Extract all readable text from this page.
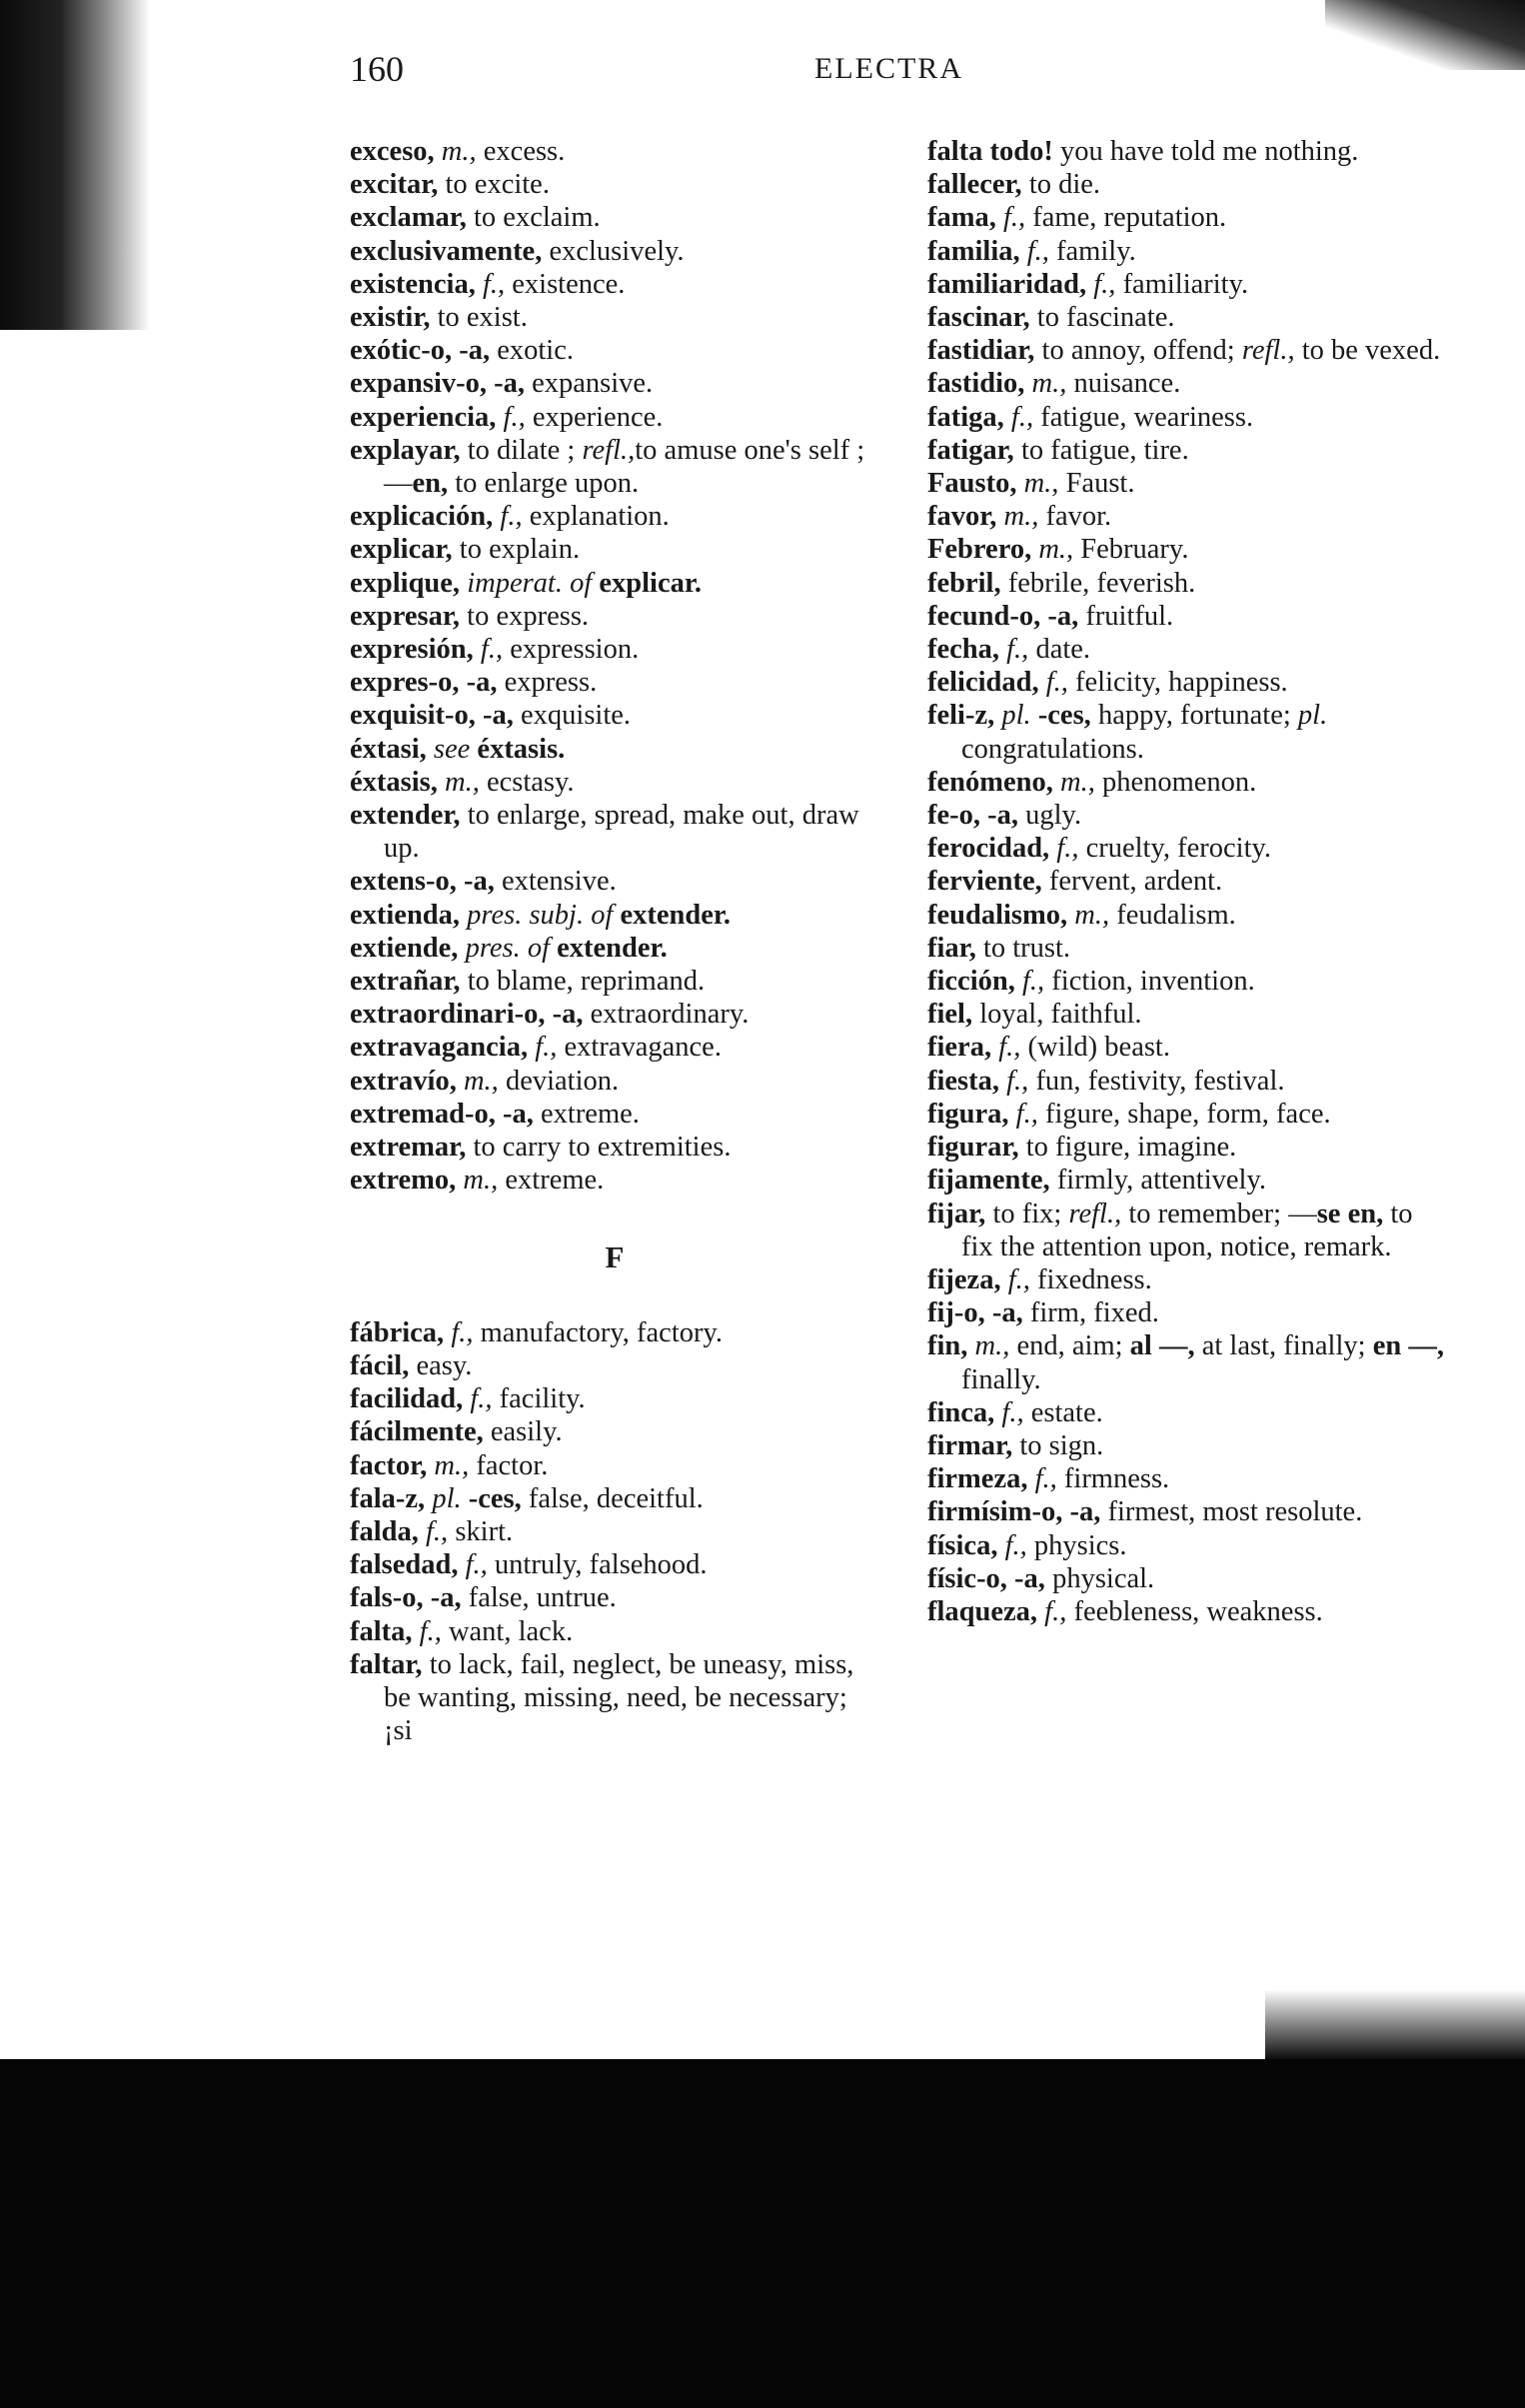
160	ELECTRA

exceso, m., excess.

excitar, to excite.

exclamar, to exclaim.

exclusivamente, exclusively.

existencia, f., existence.

existir, to exist.

exótic-o, -a, exotic.

expansiv-o, -a, expansive.

experiencia, f., experience.

explayar, to dilate ; refl.,to amuse one's self ; —en, to enlarge upon.

explicación, f., explanation.

explicar, to explain.

explique, imperat. of explicar.

expresar, to express.

expresión, f., expression.

expres-o, -a, express.

exquisit-o, -a, exquisite.

éxtasi, see éxtasis.

éxtasis, m., ecstasy.

extender, to enlarge, spread, make out, draw up.

extens-o, -a, extensive.

extienda, pres. subj. of extender.

extiende, pres. of extender.

extrañar, to blame, reprimand.

extraordinari-o, -a, extraordinary.

extravagancia, f., extravagance.

extravío, m., deviation.

extremad-o, -a, extreme.

extremar, to carry to extremities.

extremo, m., extreme.

F

fábrica, f., manufactory, factory.

fácil, easy.

facilidad, f., facility.

fácilmente, easily.

factor, m., factor.

fala-z, pl. -ces, false, deceitful.

falda, f., skirt.

falsedad, f., untruly, falsehood.

fals-o, -a, false, untrue.

falta, f., want, lack.

faltar, to lack, fail, neglect, be uneasy, miss, be wanting, missing, need, be necessary; ¡si

falta todo! you have told me nothing.

fallecer, to die.

fama, f., fame, reputation.

familia, f., family.

familiaridad, f., familiarity.

fascinar, to fascinate.

fastidiar, to annoy, offend; refl., to be vexed.

fastidio, m., nuisance.

fatiga, f., fatigue, weariness.

fatigar, to fatigue, tire.

Fausto, m., Faust.

favor, m., favor.

Febrero, m., February.

febril, febrile, feverish.

fecund-o, -a, fruitful.

fecha, f., date.

felicidad, f., felicity, happiness.

feli-z, pl. -ces, happy, fortunate; pl. congratulations.

fenómeno, m., phenomenon.

fe-o, -a, ugly.

ferocidad, f., cruelty, ferocity.

ferviente, fervent, ardent.

feudalismo, m., feudalism.

fiar, to trust.

ficción, f., fiction, invention.

fiel, loyal, faithful.

fiera, f., (wild) beast.

fiesta, f., fun, festivity, festival.

figura, f., figure, shape, form, face.

figurar, to figure, imagine.

fijamente, firmly, attentively.

fijar, to fix; refl., to remember; —se en, to fix the attention upon, notice, remark.

fijeza, f., fixedness.

fij-o, -a, firm, fixed.

fin, m., end, aim; al —, at last, finally; en —, finally.

finca, f., estate.

firmar, to sign.

firmeza, f., firmness.

firmísim-o, -a, firmest, most resolute.

física, f., physics.

físic-o, -a, physical.

flaqueza, f., feebleness, weakness.
